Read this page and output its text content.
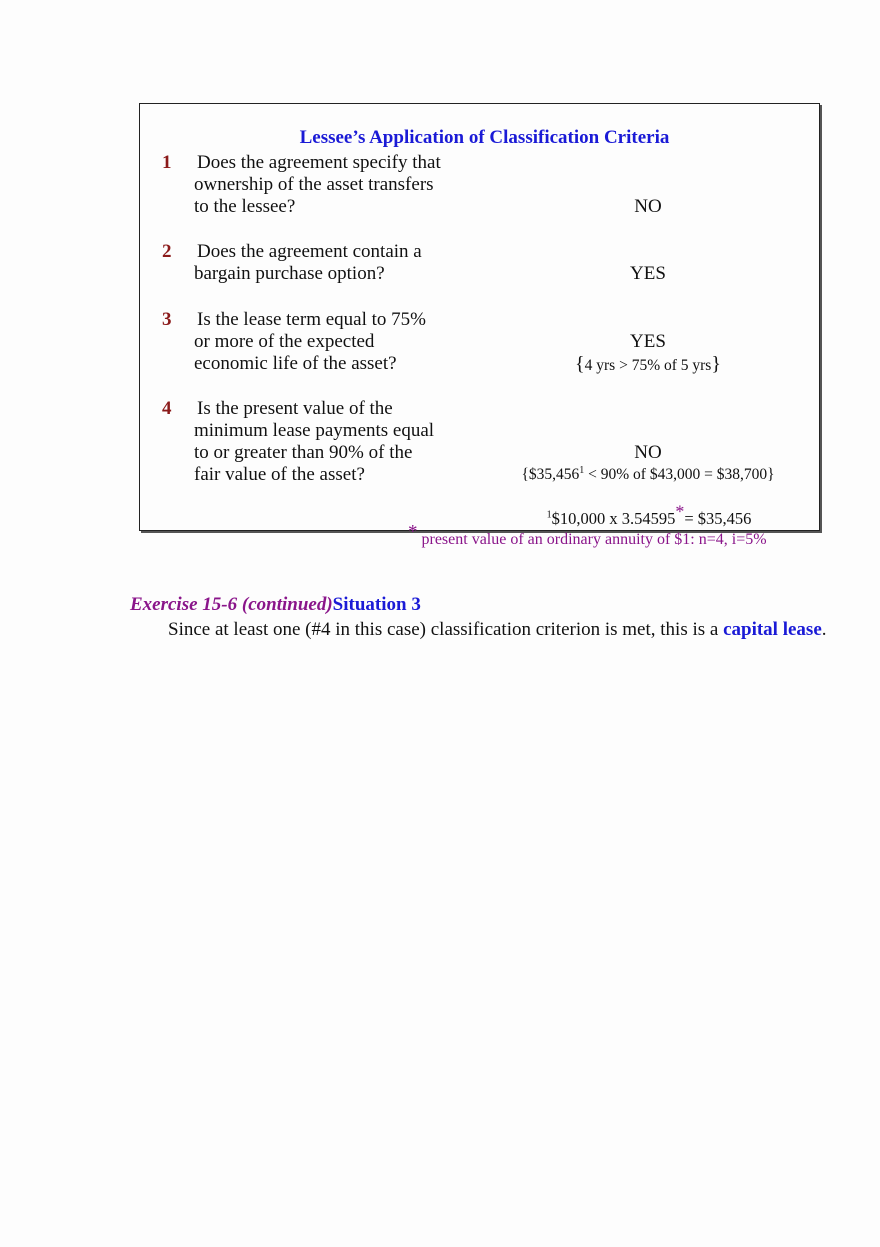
Lessee’s Application of Classification Criteria
1 Does the agreement specify that
ownership of the asset transfers
to the lessee?	NO
2 Does the agreement contain a
bargain purchase option?	YES
3 Is the lease term equal to 75%
or more of the expected
economic life of the asset?
YES
{4 yrs > 75% of 5 yrs}
4 Is the present value of the
minimum lease payments equal
to or greater than 90% of the
fair value of the asset?
NO
{$\$35,456^1 < 90\%$ of $43,000 = $38,700}
$^1$\$10,000 x 3.54595*= $35,456
* present value of an ordinary annuity of $1: n=4, i=5%
Exercise 15-6 (continued)Situation 3
Since at least one (#4 in this case) classification criterion is met, this is a capital lease.
